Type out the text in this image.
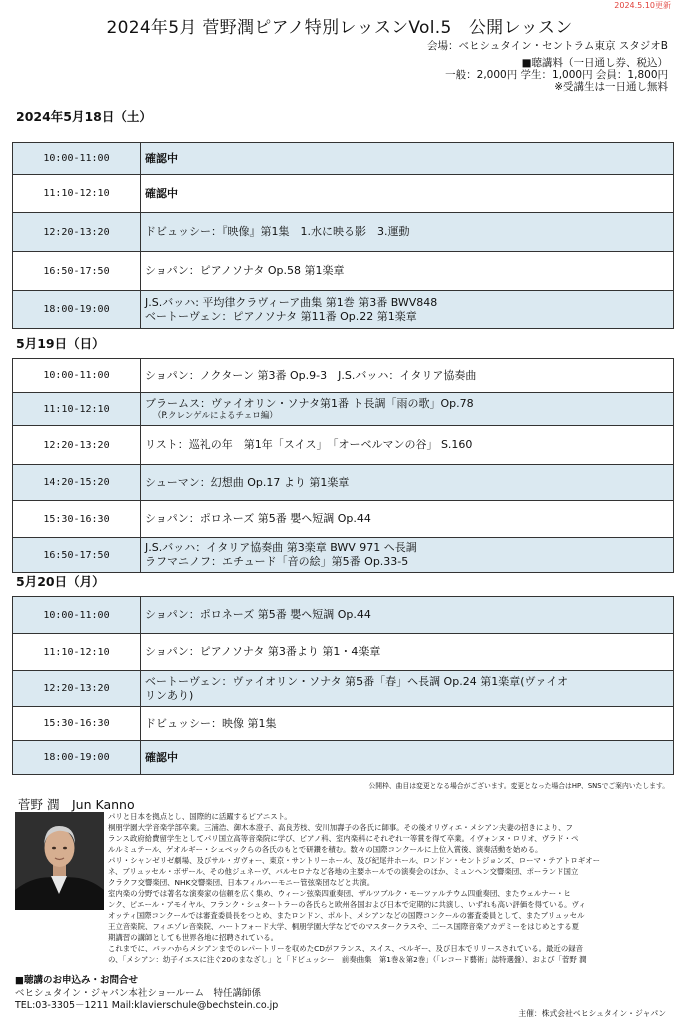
2024.5.10更新
2024年5月 菅野潤ピアノ特別レッスンVol.5　公開レッスン
会場：ベヒシュタイン・セントラム東京 スタジオB
■聴講料（一日通し券、税込）
一般：2,000円 学生：1,000円 会員：1,800円
※受講生は一日通し無料
2024年5月18日（土）
10:00-11:00	確認中

11:10-12:10	確認中

12:20-13:20	ドビュッシー：『映像』第1集　1.水に映る影　3.運動

16:50-17:50	ショパン：ピアノソナタ Op.58 第1楽章

18:00-19:00	J.S.バッハ: 平均律クラヴィーア曲集 第1巻 第3番 BWV848
ベートーヴェン：ピアノソナタ 第11番 Op.22 第1楽章
5月19日（日）
10:00-11:00	ショパン：ノクターン 第3番 Op.9-3　J.S.バッハ：イタリア協奏曲

11:10-12:10	ブラームス：ヴァイオリン・ソナタ第1番 ト長調「雨の歌」Op.78
（P.クレンゲルによるチェロ編）

12:20-13:20	リスト：巡礼の年　第1年「スイス」　「オーベルマンの谷」 S.160

14:20-15:20	シューマン：幻想曲 Op.17 より 第1楽章

15:30-16:30	ショパン：ポロネーズ 第5番 嬰ヘ短調 Op.44

16:50-17:50	J.S.バッハ：イタリア協奏曲 第3楽章 BWV 971 ヘ長調
ラフマニノフ：エチュード「音の絵」第5番 Op.33-5
5月20日（月）
10:00-11:00	ショパン：ポロネーズ 第5番 嬰ヘ短調 Op.44

11:10-12:10	ショパン：ピアノソナタ 第3番より 第1・4楽章

12:20-13:20	ベートーヴェン：ヴァイオリン・ソナタ 第5番「春」ヘ長調 Op.24 第1楽章(ヴァイオ
リンあり)

15:30-16:30	ドビュッシー：映像 第1集

18:00-19:00	確認中
公開枠、曲目は変更となる場合がございます。変更となった場合はHP、SNSでご案内いたします。
菅野 潤　Jun Kanno

パリと日本を拠点とし、国際的に活躍するピアニスト。

桐朋学園大学音楽学部卒業。三浦浩、御木本澄子、高良芳枝、安川加壽子の各氏に師事。その後オリヴィエ・メシアン夫妻の招きにより、フ

ランス政府給費留学生としてパリ国立高等音楽院に学び、ピアノ科、室内楽科にそれぞれ一等賞を得て卒業。イヴォンヌ・ロリオ、ヴラド・ペ

ルルミュテール、ゲオルギー・シェベックらの各氏のもとで研鑽を積む。数々の国際コンクールに上位入賞後、演奏活動を始める。

パリ・シャンゼリゼ劇場、及びサル・ガヴォー、東京・サントリーホール、及び紀尾井ホール、ロンドン・セントジョンズ、ローマ・テアトロギオー

ネ、ブリュッセル・ボザール、その他ジュネーヴ、バルセロナなど各地の主要ホールでの演奏会のほか、ミュンヘン交響楽団、ポーランド国立

クラクフ交響楽団、NHK交響楽団、日本フィルハーモニー管弦楽団などと共演。

室内楽の分野では著名な演奏家の信頼を広く集め、ウィーン弦楽四重奏団、ザルツブルク・モーツァルテウム四重奏団、またウェルナー・ヒ

ンク、ピエール・アモイヤル、フランク・シュタートラーの各氏らと欧州各国および日本で定期的に共演し、いずれも高い評価を得ている。ヴィ

オッティ国際コンクールでは審査委員長をつとめ、またロンドン、ポルト、メシアンなどの国際コンクールの審査委員として、またブリュッセル

王立音楽院、フィエゾレ音楽院、ハートフォード大学、桐朋学園大学などでのマスタークラスや、二ース国際音楽アカデミーをはじめとする夏

期講習の講師としても世界各地に招聘されている。

これまでに、バッハからメシアンまでのレパートリーを収めたCDがフランス、スイス、ベルギー、及び日本でリリースされている。最近の録音

の、「メシアン：幼子イエスに注ぐ20のまなざし」と「ドビュッシー　前奏曲集　第1巻＆第2巻」（「レコード藝術」誌特選盤）、および「菅野 潤

■聴講のお申込み・お問合せ
ベヒシュタイン・ジャパン本社ショールーム　特任講師係
TEL:03-3305－1211 Mail:klavierschule@bechstein.co.jp
主催：株式会社ベヒシュタイン・ジャパン
